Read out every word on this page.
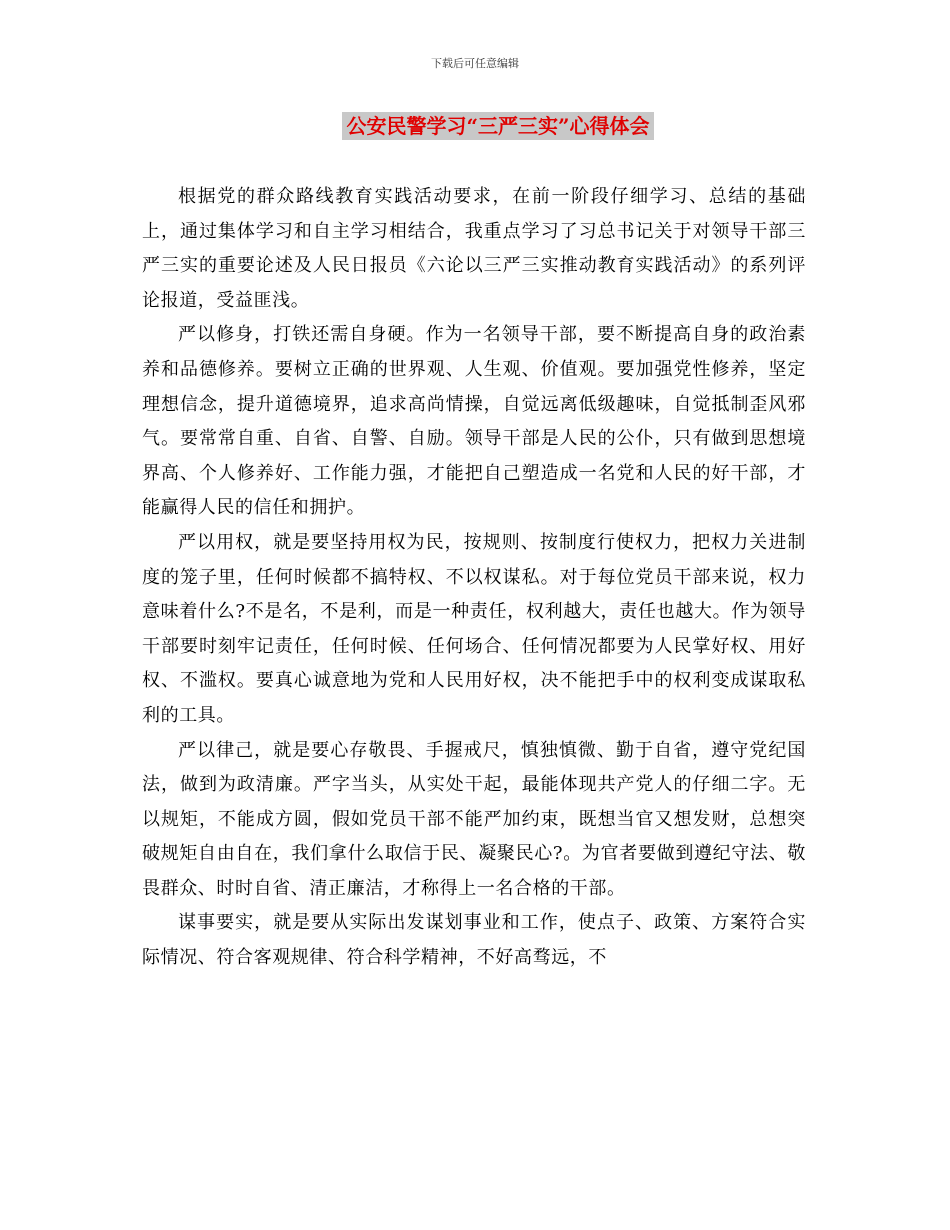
下载后可任意编辑
公安民警学习“三严三实”心得体会

根据党的群众路线教育实践活动要求，在前一阶段仔细学习、总结的基础上，通过集体学习和自主学习相结合，我重点学习了习总书记关于对领导干部三严三实的重要论述及人民日报员《六论以三严三实推动教育实践活动》的系列评论报道，受益匪浅。

严以修身，打铁还需自身硬。作为一名领导干部，要不断提高自身的政治素养和品德修养。要树立正确的世界观、人生观、价值观。要加强党性修养，坚定理想信念，提升道德境界，追求高尚情操，自觉远离低级趣味，自觉抵制歪风邪气。要常常自重、自省、自警、自励。领导干部是人民的公仆，只有做到思想境界高、个人修养好、工作能力强，才能把自己塑造成一名党和人民的好干部，才能赢得人民的信任和拥护。

严以用权，就是要坚持用权为民，按规则、按制度行使权力，把权力关进制度的笼子里，任何时候都不搞特权、不以权谋私。对于每位党员干部来说，权力意味着什么?不是名，不是利，而是一种责任，权利越大，责任也越大。作为领导干部要时刻牢记责任，任何时候、任何场合、任何情况都要为人民掌好权、用好权、不滥权。要真心诚意地为党和人民用好权，决不能把手中的权利变成谋取私利的工具。

严以律己，就是要心存敬畏、手握戒尺，慎独慎微、勤于自省，遵守党纪国法，做到为政清廉。严字当头，从实处干起，最能体现共产党人的仔细二字。无以规矩，不能成方圆，假如党员干部不能严加约束，既想当官又想发财，总想突破规矩自由自在，我们拿什么取信于民、凝聚民心?。为官者要做到遵纪守法、敬畏群众、时时自省、清正廉洁，才称得上一名合格的干部。

谋事要实，就是要从实际出发谋划事业和工作，使点子、政策、方案符合实际情况、符合客观规律、符合科学精神，不好高骛远，不
